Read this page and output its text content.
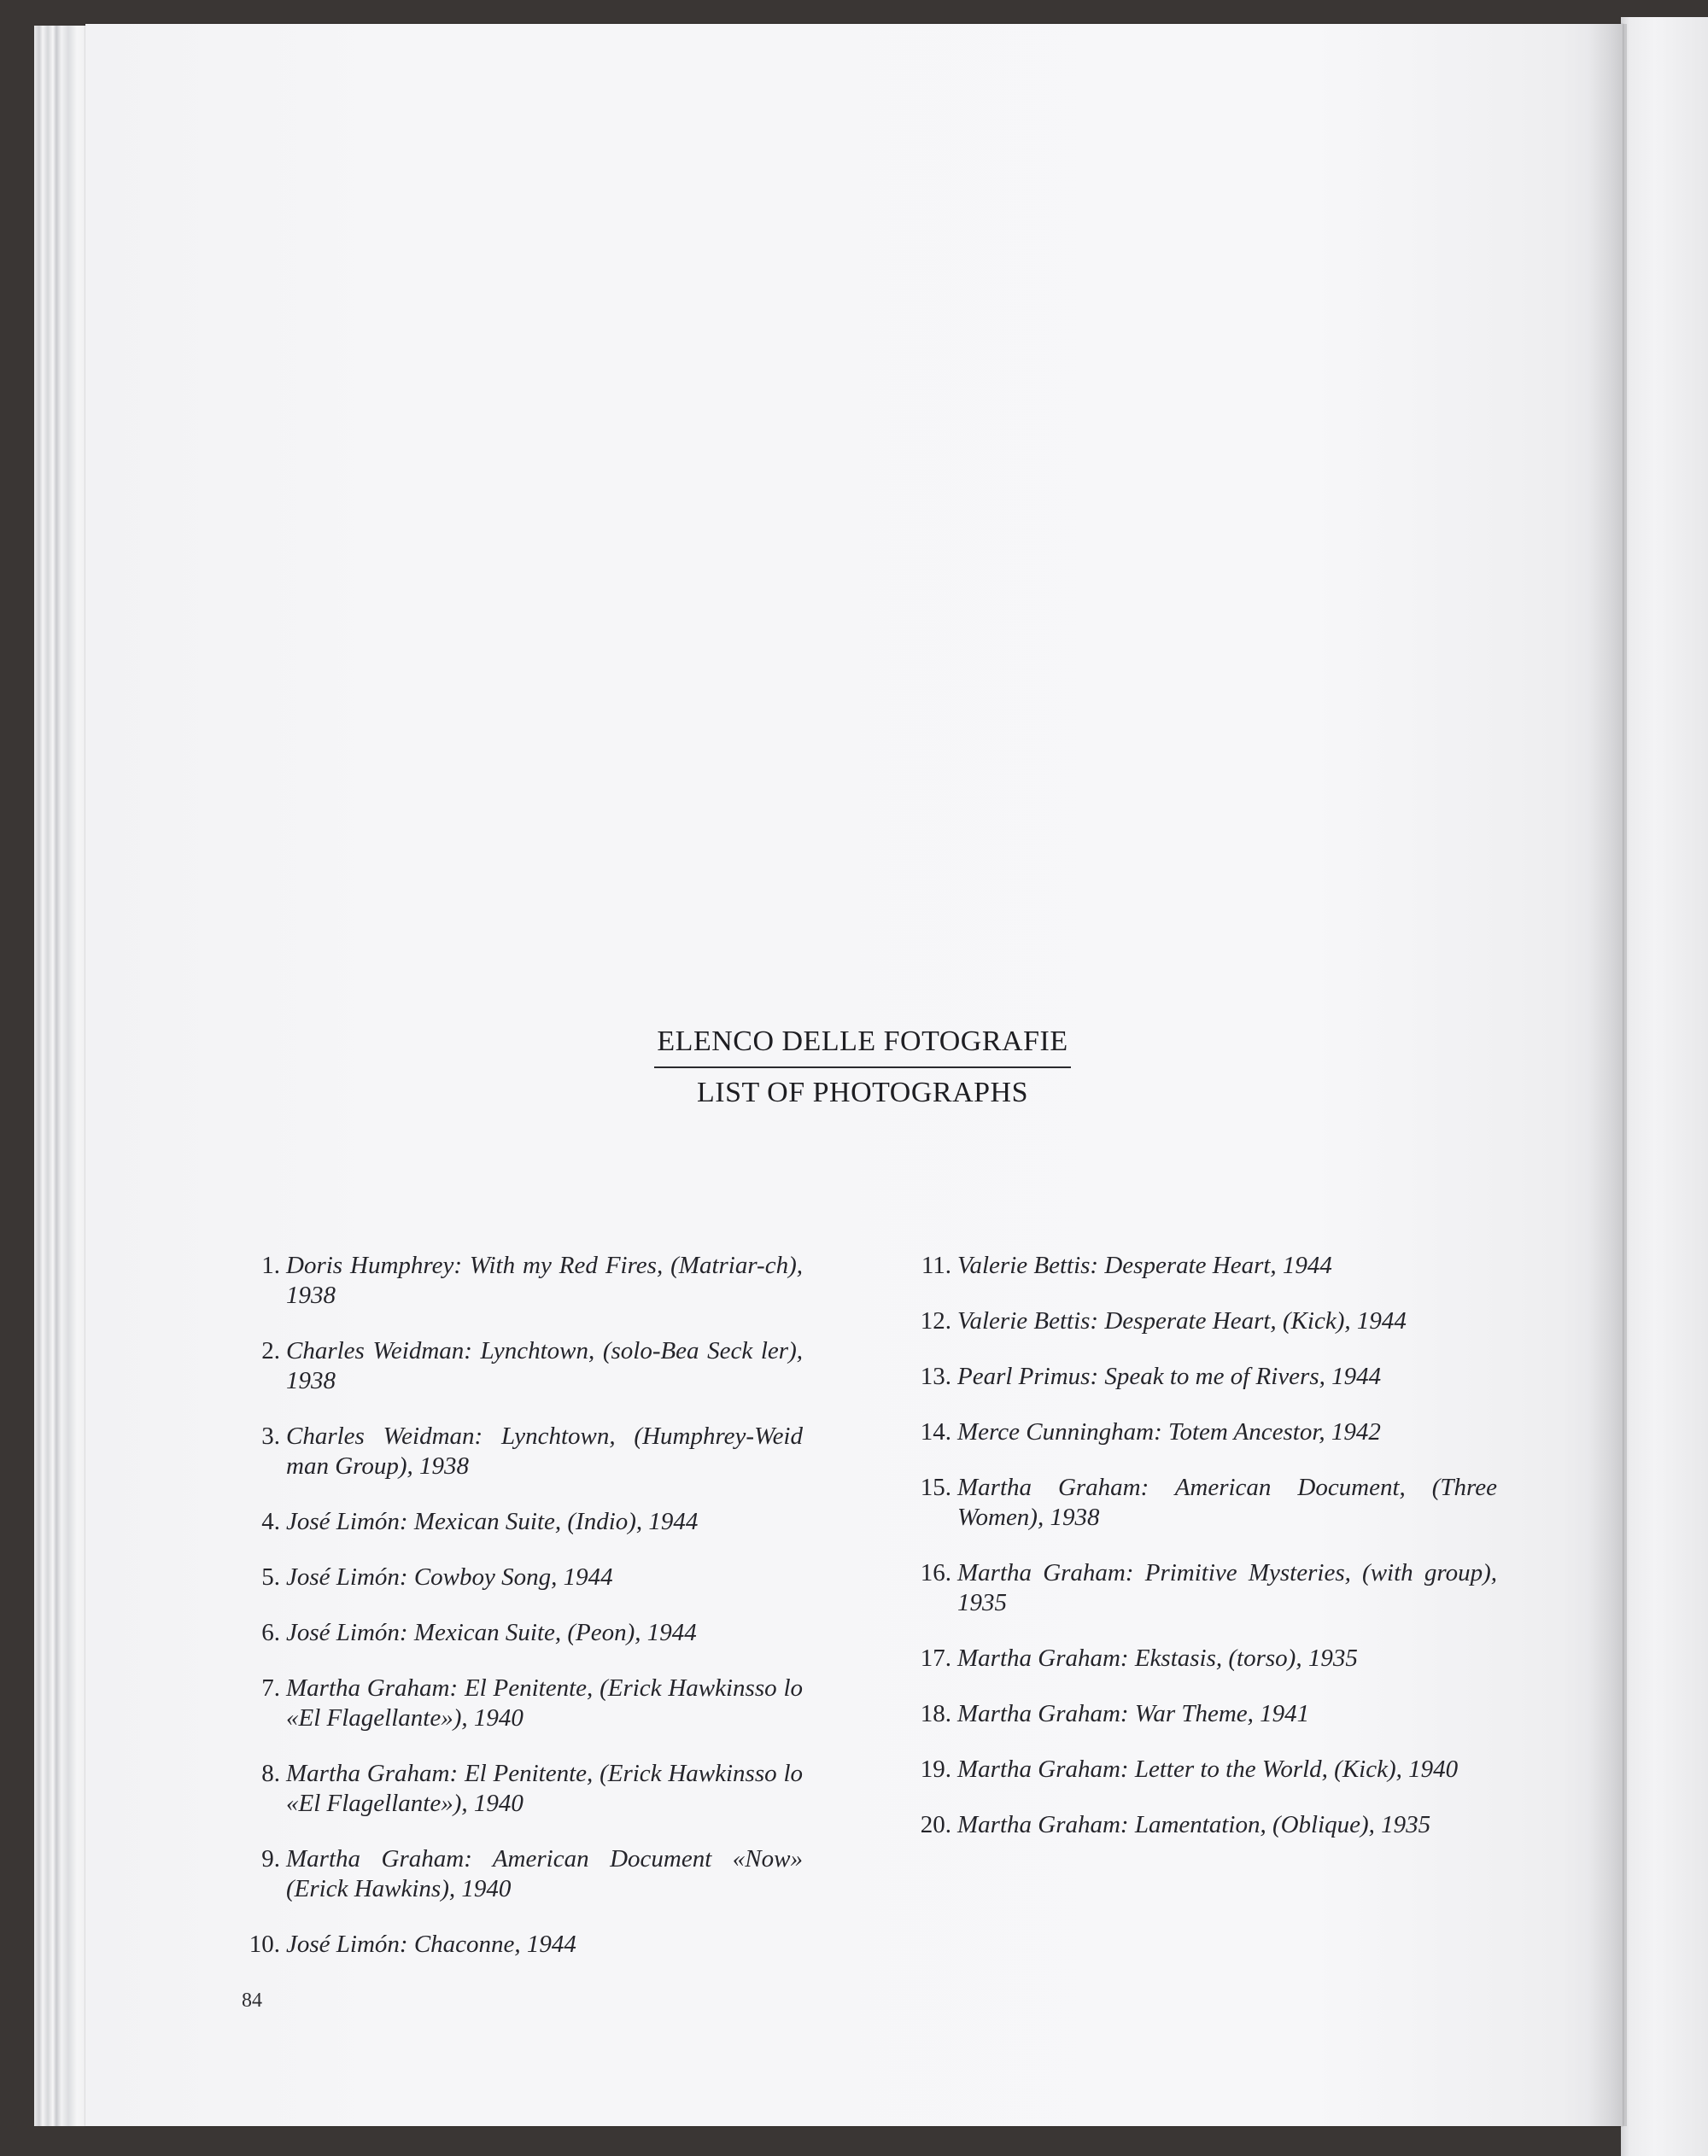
ELENCO DELLE FOTOGRAFIE
LIST OF PHOTOGRAPHS
1. Doris Humphrey: With my Red Fires, (Matriar-ch), 1938
2. Charles Weidman: Lynchtown, (solo-Bea Seck ler), 1938
3. Charles Weidman: Lynchtown, (Humphrey-Weid man Group), 1938
4. José Limón: Mexican Suite, (Indio), 1944
5. José Limón: Cowboy Song, 1944
6. José Limón: Mexican Suite, (Peon), 1944
7. Martha Graham: El Penitente, (Erick Hawkinsso lo «El Flagellante»), 1940
8. Martha Graham: El Penitente, (Erick Hawkinsso lo «El Flagellante»), 1940
9. Martha Graham: American Document «Now» (Erick Hawkins), 1940
10. José Limón: Chaconne, 1944
11. Valerie Bettis: Desperate Heart, 1944
12. Valerie Bettis: Desperate Heart, (Kick), 1944
13. Pearl Primus: Speak to me of Rivers, 1944
14. Merce Cunningham: Totem Ancestor, 1942
15. Martha Graham: American Document, (Three Women), 1938
16. Martha Graham: Primitive Mysteries, (with group), 1935
17. Martha Graham: Ekstasis, (torso), 1935
18. Martha Graham: War Theme, 1941
19. Martha Graham: Letter to the World, (Kick), 1940
20. Martha Graham: Lamentation, (Oblique), 1935
84
